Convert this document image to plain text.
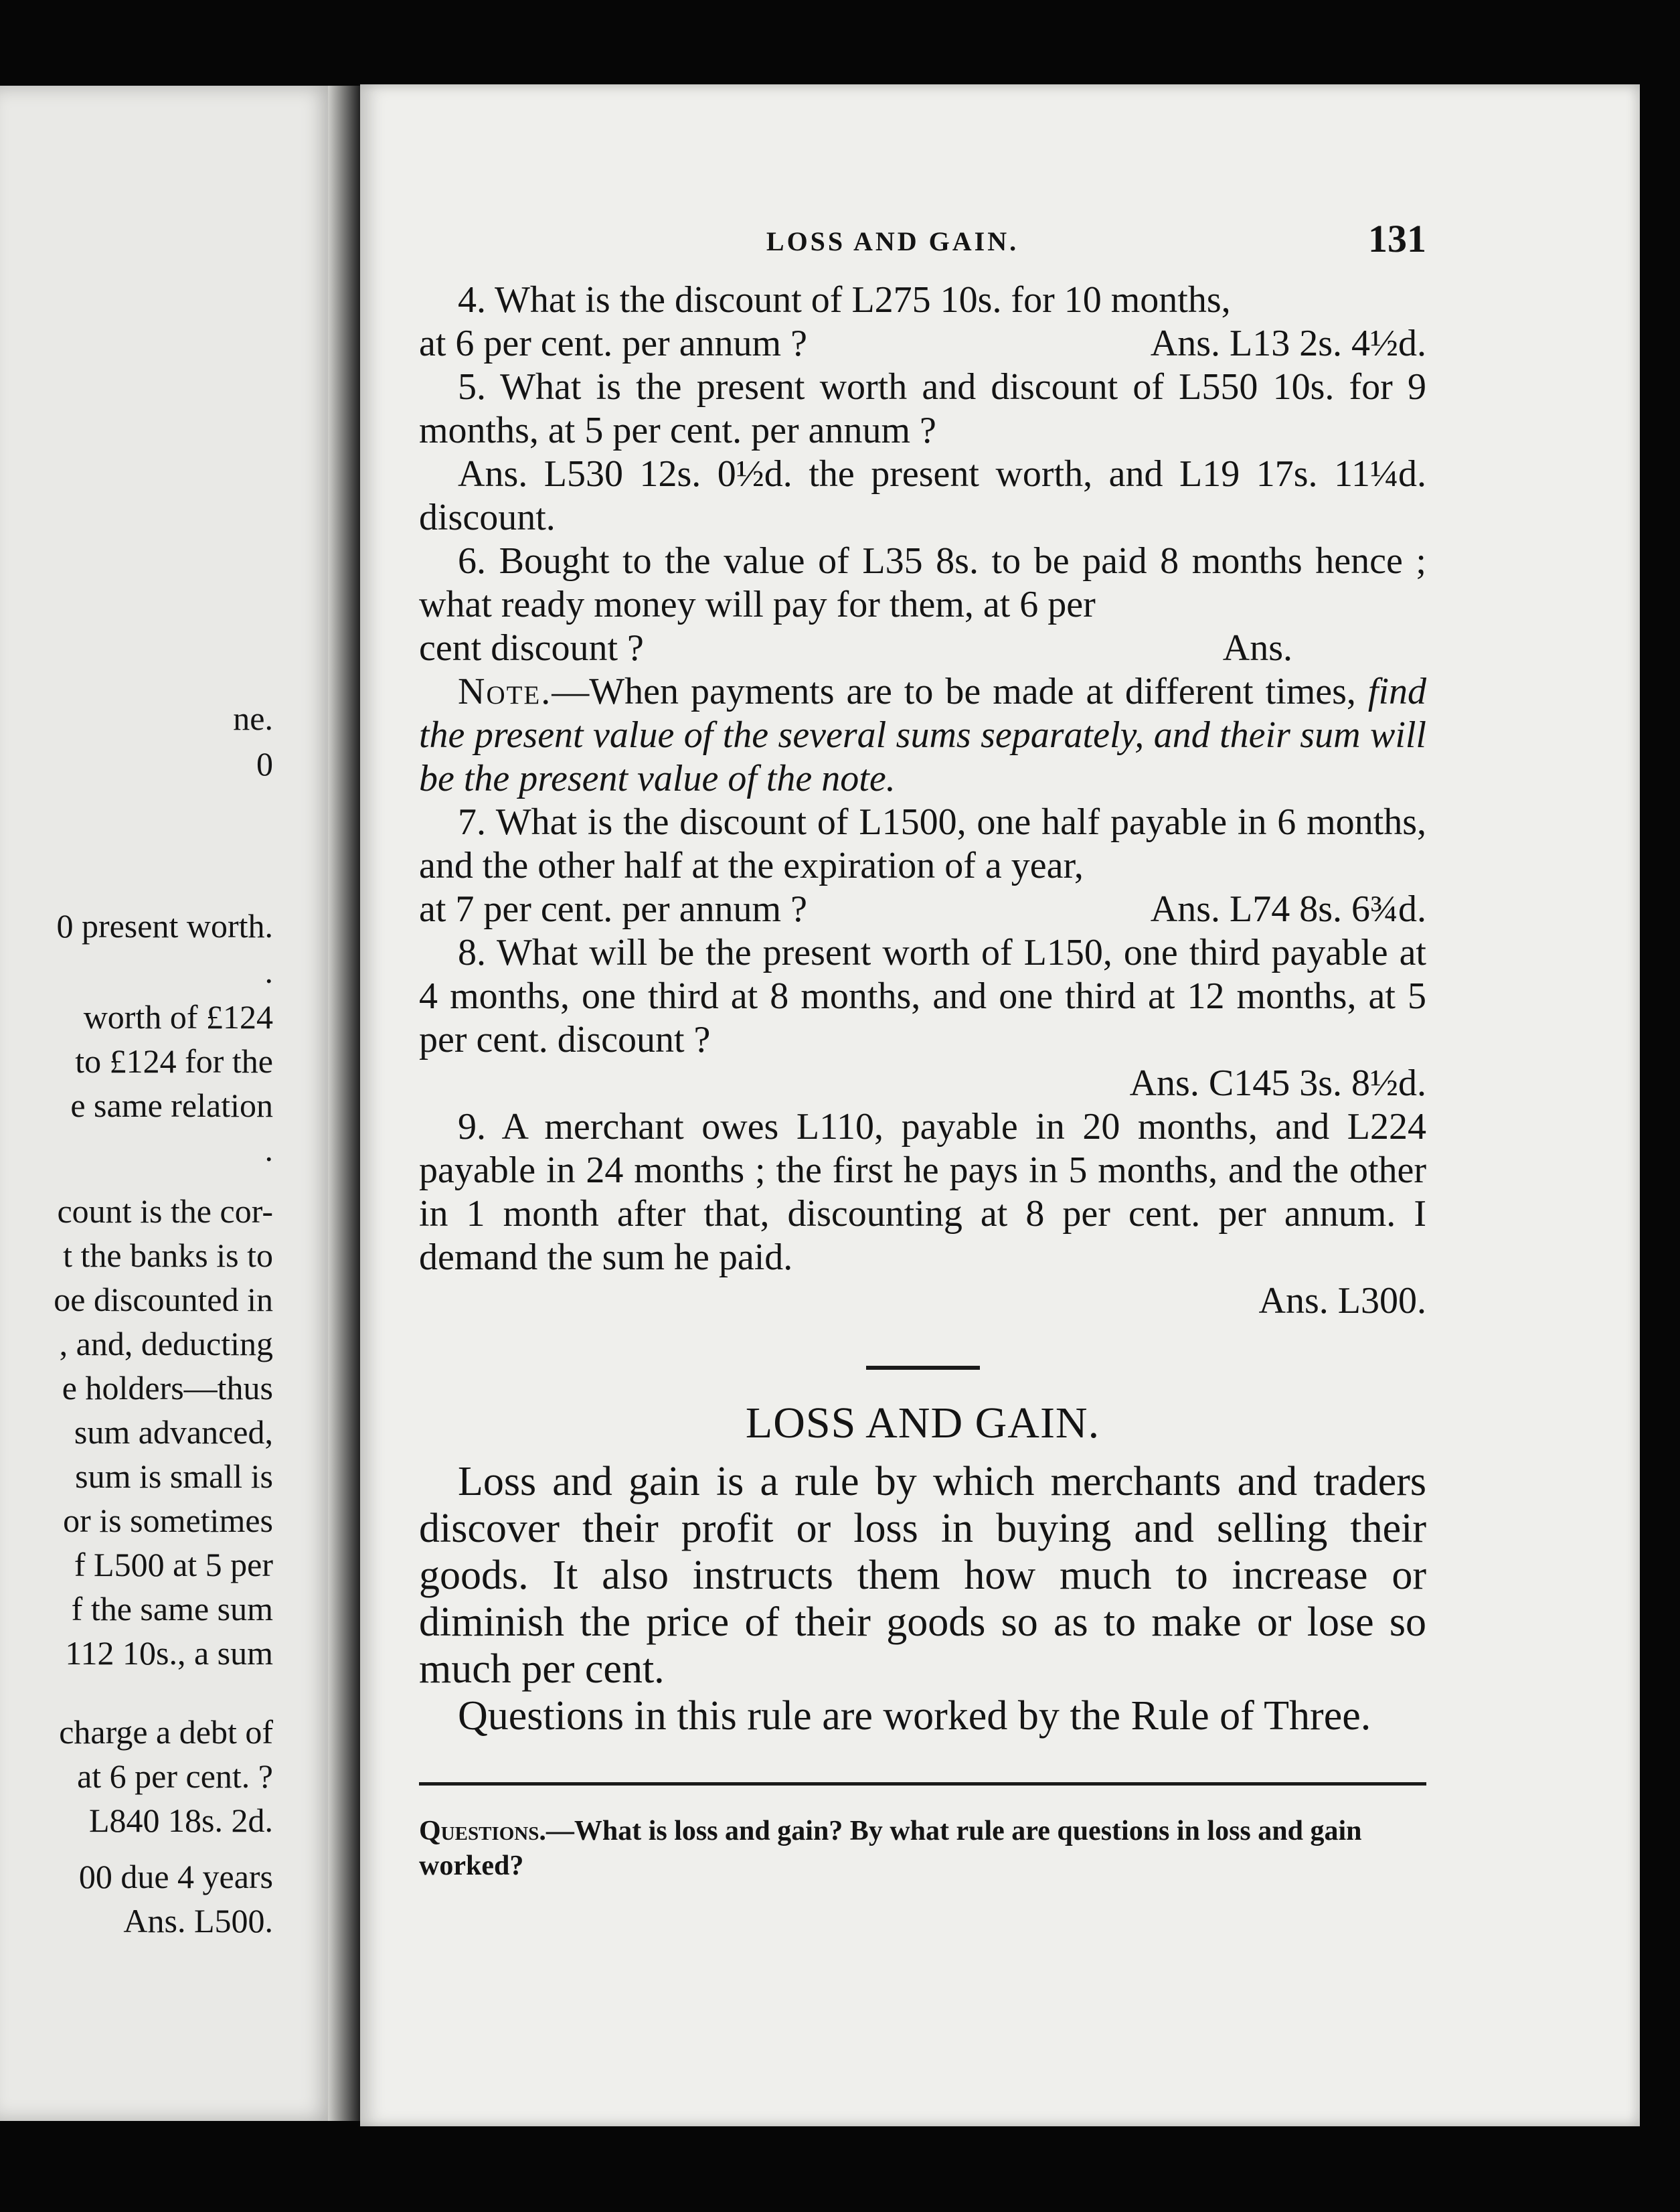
ne.
0
0 present worth.
.
worth of £124
to £124 for the
e same relation
.
count is the cor-
t the banks is to
oe discounted in
, and, deducting
e holders—thus
sum advanced,
sum is small is
or is sometimes
f L500 at 5 per
f the same sum
112 10s., a sum
charge a debt of
at 6 per cent. ?
L840 18s. 2d.
00 due 4 years
Ans. L500.
LOSS AND GAIN.	131

4. What is the discount of L275 10s. for 10 months,

at 6 per cent. per annum ?	Ans. L13 2s. 4½d.

5. What is the present worth and discount of L550 10s. for 9 months, at 5 per cent. per annum ?

Ans. L530 12s. 0½d. the present worth, and L19 17s. 11¼d. discount.

6. Bought to the value of L35 8s. to be paid 8 months hence ; what ready money will pay for them, at 6 per

cent discount ?	Ans.

Note.—When payments are to be made at different times, find the present value of the several sums separately, and their sum will be the present value of the note.

7. What is the discount of L1500, one half payable in 6 months, and the other half at the expiration of a year,

at 7 per cent. per annum ?	Ans. L74 8s. 6¾d.

8. What will be the present worth of L150, one third payable at 4 months, one third at 8 months, and one third at 12 months, at 5 per cent. discount ?

Ans. C145 3s. 8½d.

9. A merchant owes L110, payable in 20 months, and L224 payable in 24 months ; the first he pays in 5 months, and the other in 1 month after that, discounting at 8 per cent. per annum. I demand the sum he paid.

Ans. L300.
LOSS AND GAIN.

Loss and gain is a rule by which merchants and traders discover their profit or loss in buying and selling their goods. It also instructs them how much to increase or diminish the price of their goods so as to make or lose so much per cent.

Questions in this rule are worked by the Rule of Three.

Questions.—What is loss and gain? By what rule are questions in loss and gain worked?
